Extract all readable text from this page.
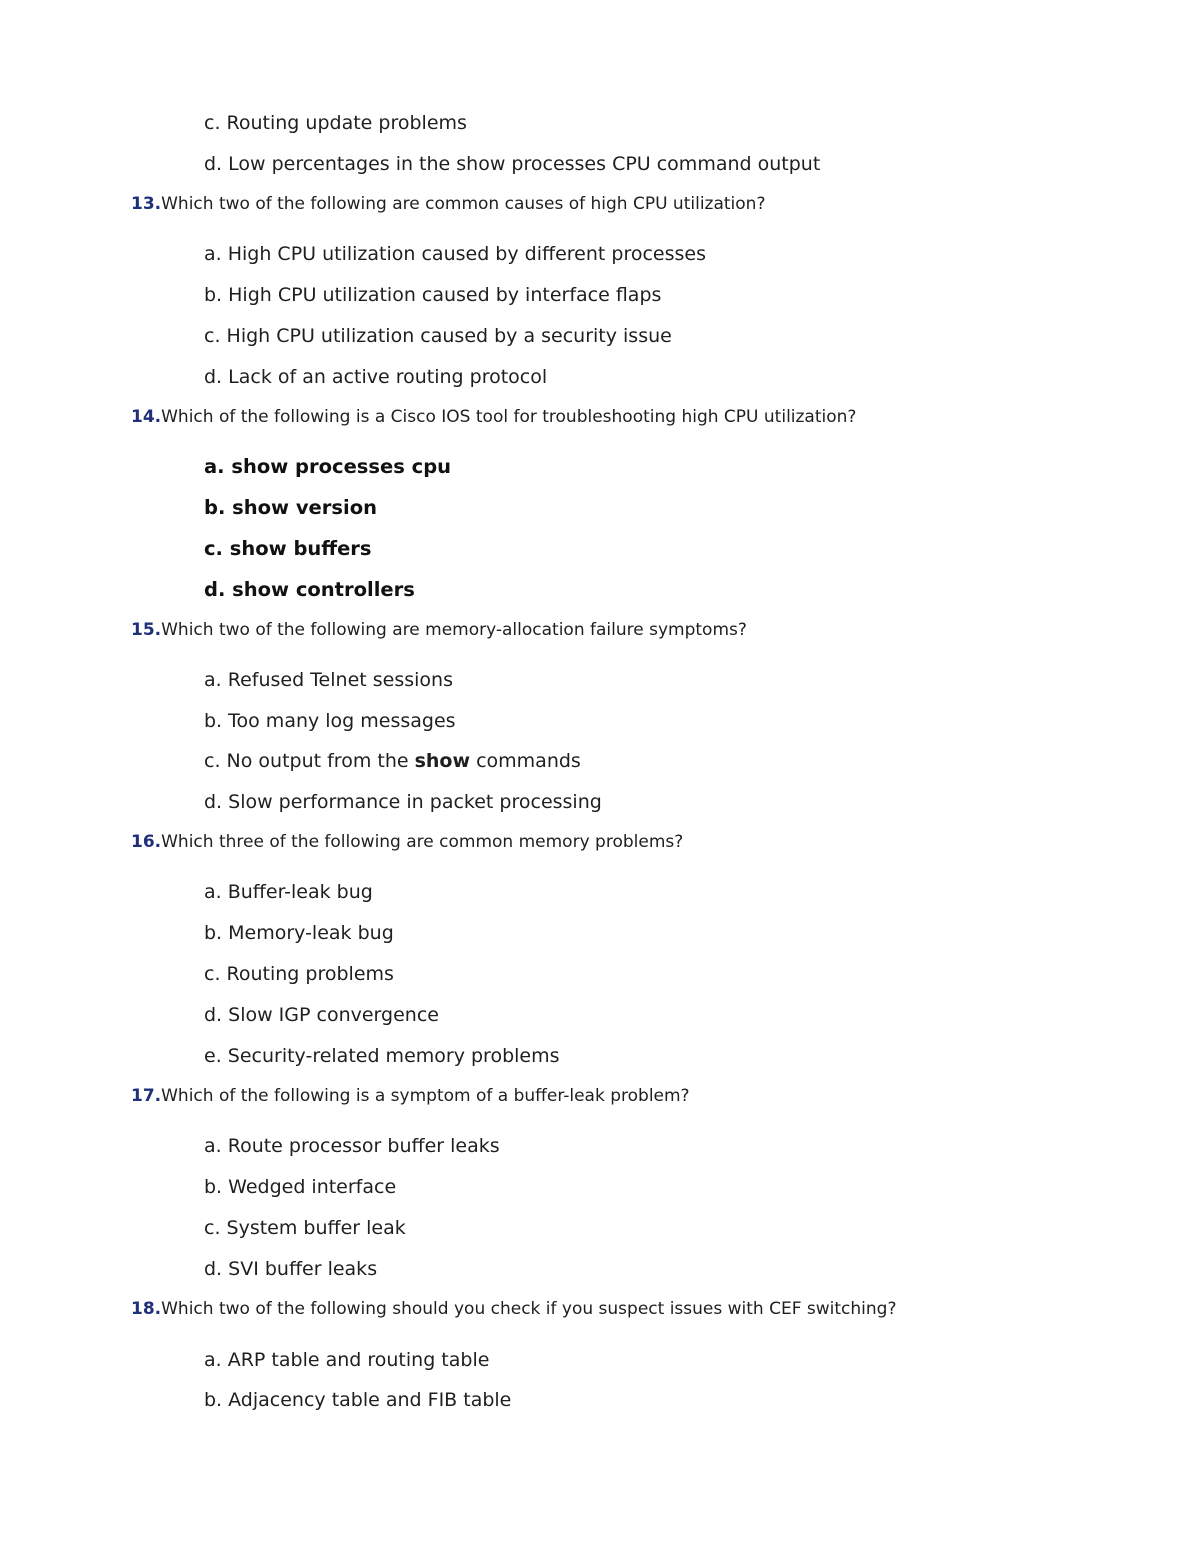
c. Routing update problems
d. Low percentages in the show processes CPU command output
13.Which two of the following are common causes of high CPU utilization?
a. High CPU utilization caused by different processes
b. High CPU utilization caused by interface flaps
c. High CPU utilization caused by a security issue
d. Lack of an active routing protocol
14.Which of the following is a Cisco IOS tool for troubleshooting high CPU utilization?
a. show processes cpu
b. show version
c. show buffers
d. show controllers
15.Which two of the following are memory-allocation failure symptoms?
a. Refused Telnet sessions
b. Too many log messages
c. No output from the show commands
d. Slow performance in packet processing
16.Which three of the following are common memory problems?
a. Buffer-leak bug
b. Memory-leak bug
c. Routing problems
d. Slow IGP convergence
e. Security-related memory problems
17.Which of the following is a symptom of a buffer-leak problem?
a. Route processor buffer leaks
b. Wedged interface
c. System buffer leak
d. SVI buffer leaks
18.Which two of the following should you check if you suspect issues with CEF switching?
a. ARP table and routing table
b. Adjacency table and FIB table
